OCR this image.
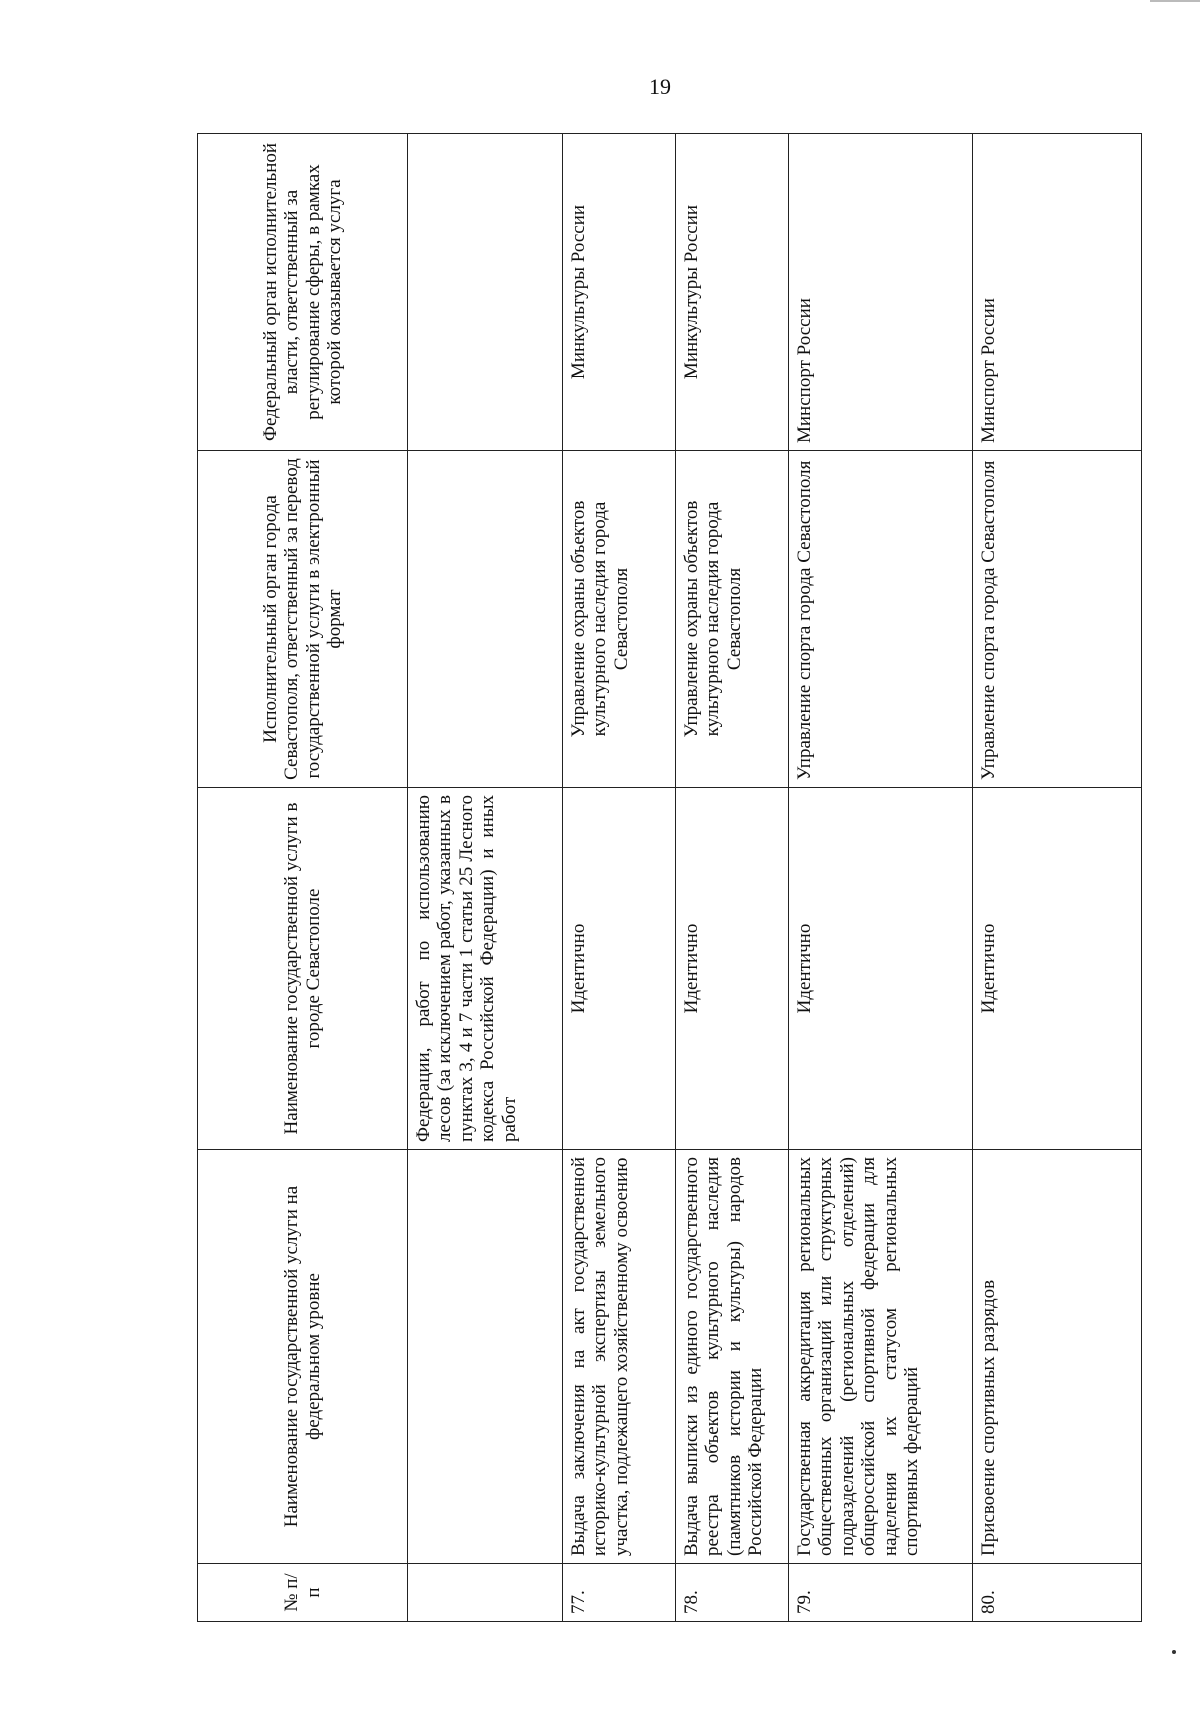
19
№ п/п	Наименование государственной услуги на федеральном уровне	Наименование государственной услуги в городе Севастополе	Исполнительный орган города Севастополя, ответственный за перевод государственной услуги в электронный формат	Федеральный орган исполнительной власти, ответственный за регулирование сферы, в рамках которой оказывается услуга
		Федерации, работ по использованию лесов (за исключением работ, указанных в пунктах 3, 4 и 7 части 1 статьи 25 Лесного кодекса Российской Федерации) и иных работ		
77.	Выдача заключения на акт государственной историко-культурной экспертизы земельного участка, подлежащего хозяйственному освоению	Идентично	Управление охраны объектов культурного наследия города Севастополя	Минкультуры России
78.	Выдача выписки из единого государственного реестра объектов культурного наследия (памятников истории и культуры) народов Российской Федерации	Идентично	Управление охраны объектов культурного наследия города Севастополя	Минкультуры России
79.	Государственная аккредитация региональных общественных организаций или структурных подразделений (региональных отделений) общероссийской спортивной федерации для наделения их статусом региональных спортивных федераций	Идентично	Управление спорта города Севастополя	Минспорт России
80.	Присвоение спортивных разрядов	Идентично	Управление спорта города Севастополя	Минспорт России
